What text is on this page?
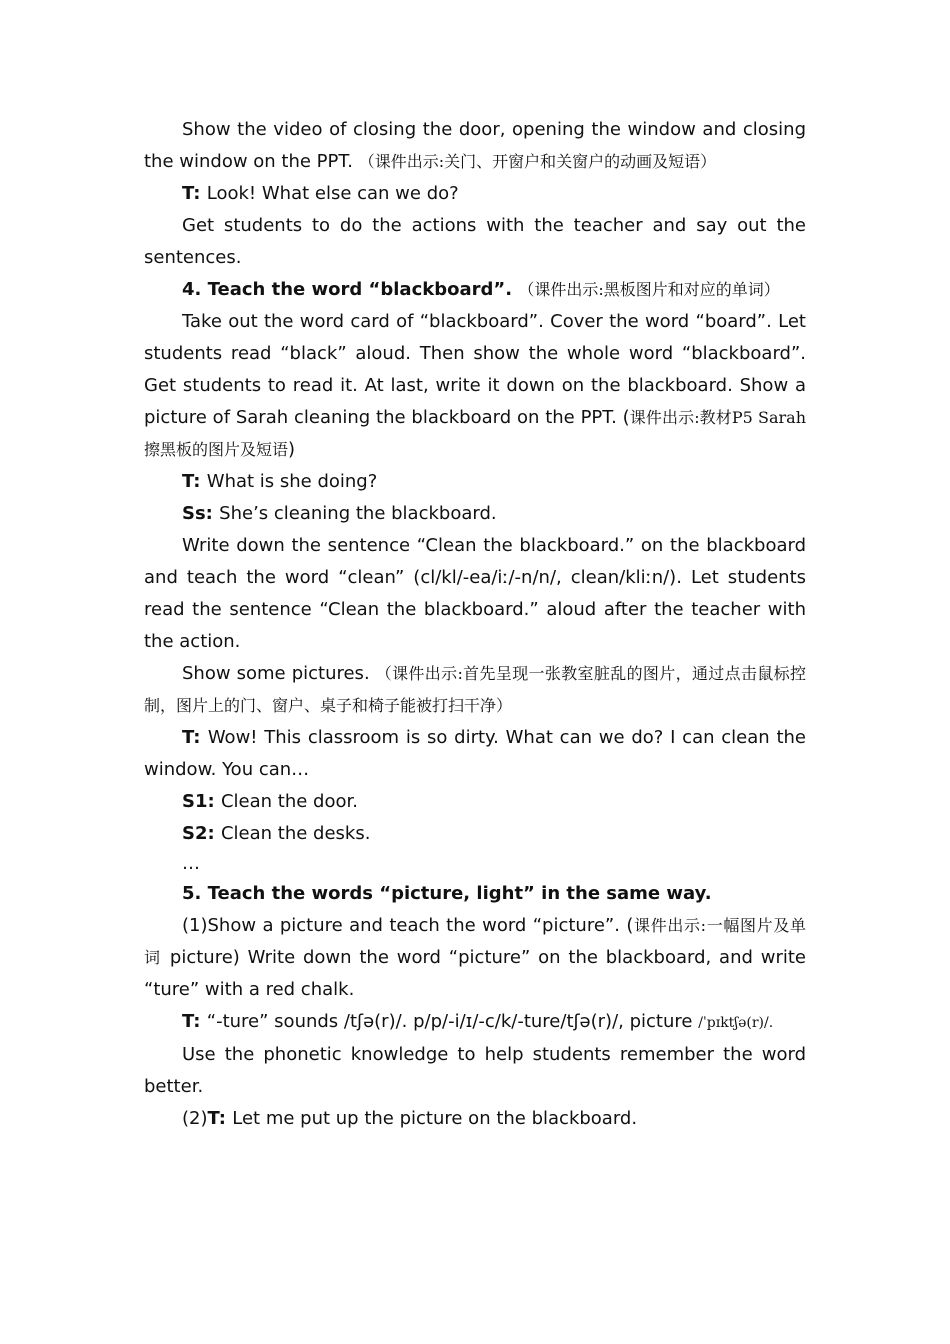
Show the video of closing the door, opening the window and closing the window on the PPT. （课件出示:关门、开窗户和关窗户的动画及短语）

T: Look! What else can we do?

Get students to do the actions with the teacher and say out the sentences.

4. Teach the word “blackboard”. （课件出示:黑板图片和对应的单词）

Take out the word card of “blackboard”. Cover the word “board”. Let students read “black” aloud. Then show the whole word “blackboard”. Get students to read it. At last, write it down on the blackboard. Show a picture of Sarah cleaning the blackboard on the PPT. (课件出示:教材P5 Sarah擦黑板的图片及短语)

T: What is she doing?

Ss: She’s cleaning the blackboard.

Write down the sentence “Clean the blackboard.” on the blackboard and teach the word “clean” (cl/kl/-ea/iː/-n/n/, clean/kliːn/). Let students read the sentence “Clean the blackboard.” aloud after the teacher with the action.

Show some pictures. （课件出示:首先呈现一张教室脏乱的图片，通过点击鼠标控制，图片上的门、窗户、桌子和椅子能被打扫干净）

T: Wow! This classroom is so dirty. What can we do? I can clean the window. You can…

S1: Clean the door.

S2: Clean the desks.

…

5. Teach the words “picture, light” in the same way.

(1)Show a picture and teach the word “picture”. (课件出示:一幅图片及单词 picture) Write down the word “picture” on the blackboard, and write “ture” with a red chalk.

T: “-ture” sounds /tʃə(r)/. p/p/-i/ɪ/-c/k/-ture/tʃə(r)/, picture /ˈpɪktʃə(r)/.

Use the phonetic knowledge to help students remember the word better.

(2)T: Let me put up the picture on the blackboard.
